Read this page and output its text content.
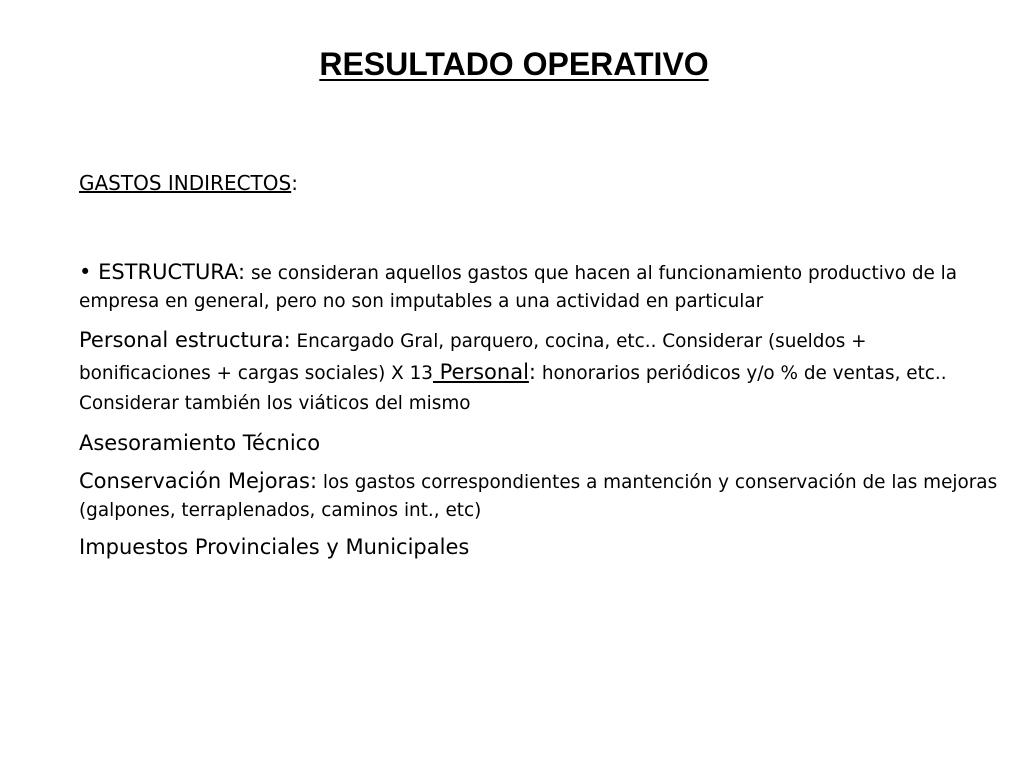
RESULTADO OPERATIVO

GASTOS INDIRECTOS:

• ESTRUCTURA: se consideran aquellos gastos que hacen al funcionamiento productivo de la empresa en general, pero no son imputables a una actividad en particular

Personal estructura: Encargado Gral, parquero, cocina, etc.. Considerar (sueldos + bonificaciones + cargas sociales) X 13 Personal: honorarios periódicos y/o % de ventas, etc.. Considerar también los viáticos del mismo

Asesoramiento Técnico

Conservación Mejoras: los gastos correspondientes a mantención y conservación de las mejoras (galpones, terraplenados, caminos int., etc)

Impuestos Provinciales y Municipales
